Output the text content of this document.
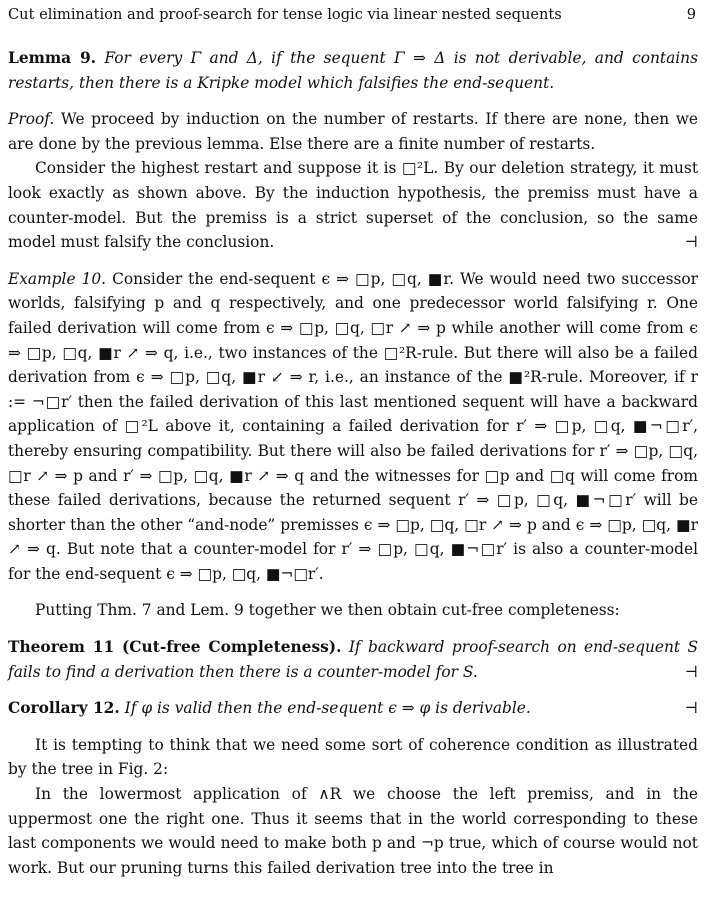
Cut elimination and proof-search for tense logic via linear nested sequents	9

Lemma 9. For every Γ and Δ, if the sequent Γ ⇒ Δ is not derivable, and contains restarts, then there is a Kripke model which falsifies the end-sequent.

Proof. We proceed by induction on the number of restarts. If there are none, then we are done by the previous lemma. Else there are a finite number of restarts.

Consider the highest restart and suppose it is □²L. By our deletion strategy, it must look exactly as shown above. By the induction hypothesis, the premiss must have a counter-model. But the premiss is a strict superset of the conclusion, so the same model must falsify the conclusion.	⊣

Example 10. Consider the end-sequent ϵ ⇒ □p, □q, ■r. We would need two successor worlds, falsifying p and q respectively, and one predecessor world falsifying r. One failed derivation will come from ϵ ⇒ □p, □q, □r ↗ ⇒ p while another will come from ϵ ⇒ □p, □q, ■r ↗ ⇒ q, i.e., two instances of the □²R-rule. But there will also be a failed derivation from ϵ ⇒ □p, □q, ■r ↙ ⇒ r, i.e., an instance of the ■²R-rule. Moreover, if r := ¬□r′ then the failed derivation of this last mentioned sequent will have a backward application of □²L above it, containing a failed derivation for r′ ⇒ □p, □q, ■¬□r′, thereby ensuring compatibility. But there will also be failed derivations for r′ ⇒ □p, □q, □r ↗ ⇒ p and r′ ⇒ □p, □q, ■r ↗ ⇒ q and the witnesses for □p and □q will come from these failed derivations, because the returned sequent r′ ⇒ □p, □q, ■¬□r′ will be shorter than the other “and-node” premisses ϵ ⇒ □p, □q, □r ↗ ⇒ p and ϵ ⇒ □p, □q, ■r ↗ ⇒ q. But note that a counter-model for r′ ⇒ □p, □q, ■¬□r′ is also a counter-model for the end-sequent ϵ ⇒ □p, □q, ■¬□r′.

Putting Thm. 7 and Lem. 9 together we then obtain cut-free completeness:

Theorem 11 (Cut-free Completeness). If backward proof-search on end-sequent S fails to find a derivation then there is a counter-model for S.	⊣

Corollary 12. If φ is valid then the end-sequent ϵ ⇒ φ is derivable.	⊣

It is tempting to think that we need some sort of coherence condition as illustrated by the tree in Fig. 2:

In the lowermost application of ∧R we choose the left premiss, and in the uppermost one the right one. Thus it seems that in the world corresponding to these last components we would need to make both p and ¬p true, which of course would not work. But our pruning turns this failed derivation tree into the tree in
